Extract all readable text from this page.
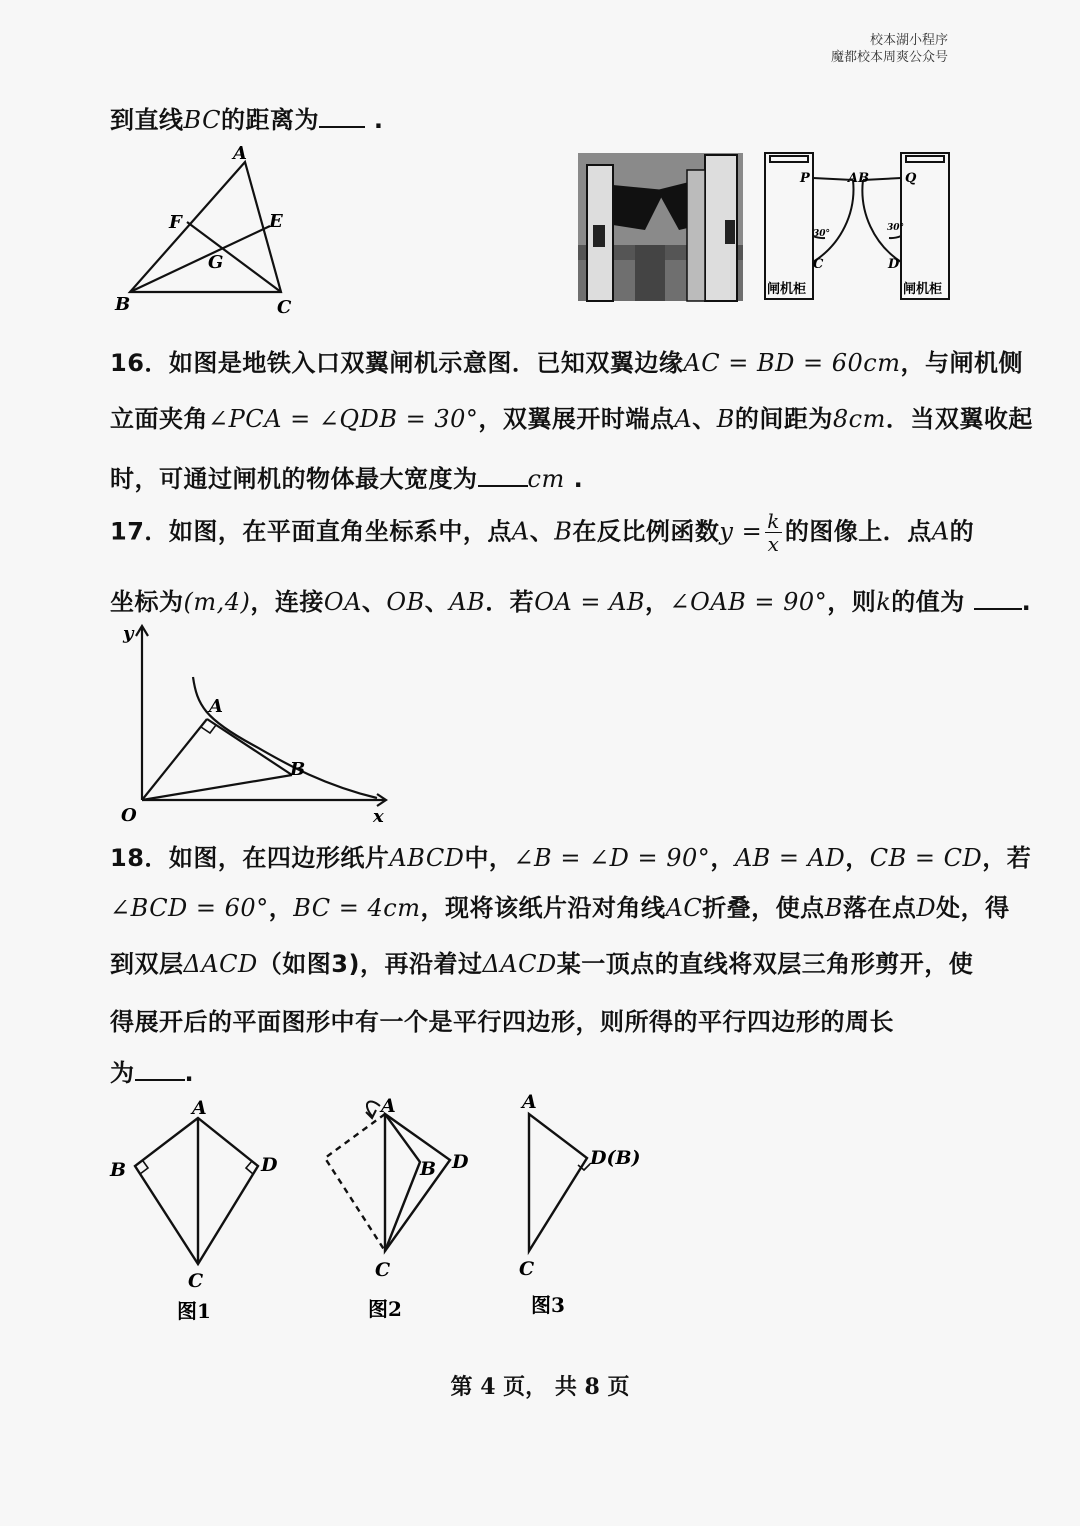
校本湖小程序
魔都校本周爽公众号
到直线BC的距离为 .
A
B	C
E
F
G
P	Q
AB
C	D
30°
30°
闸机柜	闸机柜
16．如图是地铁入口双翼闸机示意图．已知双翼边缘AC = BD = 60cm，与闸机侧
立面夹角∠PCA = ∠QDB = 30°，双翼展开时端点A、B的间距为8cm．当双翼收起
时，可通过闸机的物体最大宽度为 cm .
17．如图，在平面直角坐标系中，点A、B在反比例函数$y = \frac{k}{x}$ 的图像上．点A的
坐标为(m,4)，连接OA、OB、AB．若OA = AB，∠OAB = 90°，则k的值为 .
y
x
O
A
B
18．如图，在四边形纸片ABCD中，∠B = ∠D = 90°，AB = AD，CB = CD，若
∠BCD = 60°，BC = 4cm，现将该纸片沿对角线AC折叠，使点B落在点D处，得
到双层ΔACD（如图3)，再沿着过ΔACD某一顶点的直线将双层三角形剪开，使
得展开后的平面图形中有一个是平行四边形，则所得的平行四边形的周长
为 .
A
B
C
D
图1
A
B
C
D
图2
A
D(B)
C
图3
第 4 页， 共 8 页
